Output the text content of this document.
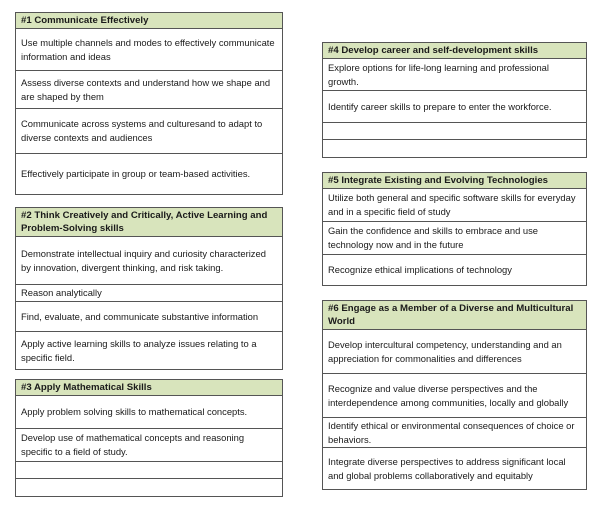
#1 Communicate Effectively
Use multiple channels and modes to effectively communicate information and ideas
Assess diverse contexts and understand how we shape and are shaped by them
Communicate across systems and culturesand to adapt to diverse contexts and audiences
Effectively participate in group or team-based activities.
#2 Think Creatively and Critically, Active Learning and Problem-Solving skills
Demonstrate intellectual inquiry and curiosity characterized by innovation, divergent thinking, and risk taking.
Reason analytically
Find, evaluate, and communicate substantive information
Apply active learning skills to analyze issues relating to a specific field.
#3 Apply Mathematical Skills
Apply problem solving skills to mathematical concepts.
Develop use of mathematical concepts and reasoning specific to a field of study.
#4 Develop career and self-development skills
Explore options for life-long learning and professional growth.
Identify career skills to prepare to enter the workforce.
#5 Integrate Existing and Evolving Technologies
Utilize both general and specific software skills for everyday and in a specific field of study
Gain the confidence and skills to embrace and use technology now and in the future
Recognize ethical implications of technology
#6 Engage as a Member of a Diverse and Multicultural World
Develop intercultural competency, understanding and an appreciation for commonalities and differences
Recognize and value diverse perspectives and the interdependence among communities, locally and globally
Identify ethical or environmental consequences of choice or behaviors.
Integrate diverse perspectives to address significant local and global problems collaboratively and equitably
